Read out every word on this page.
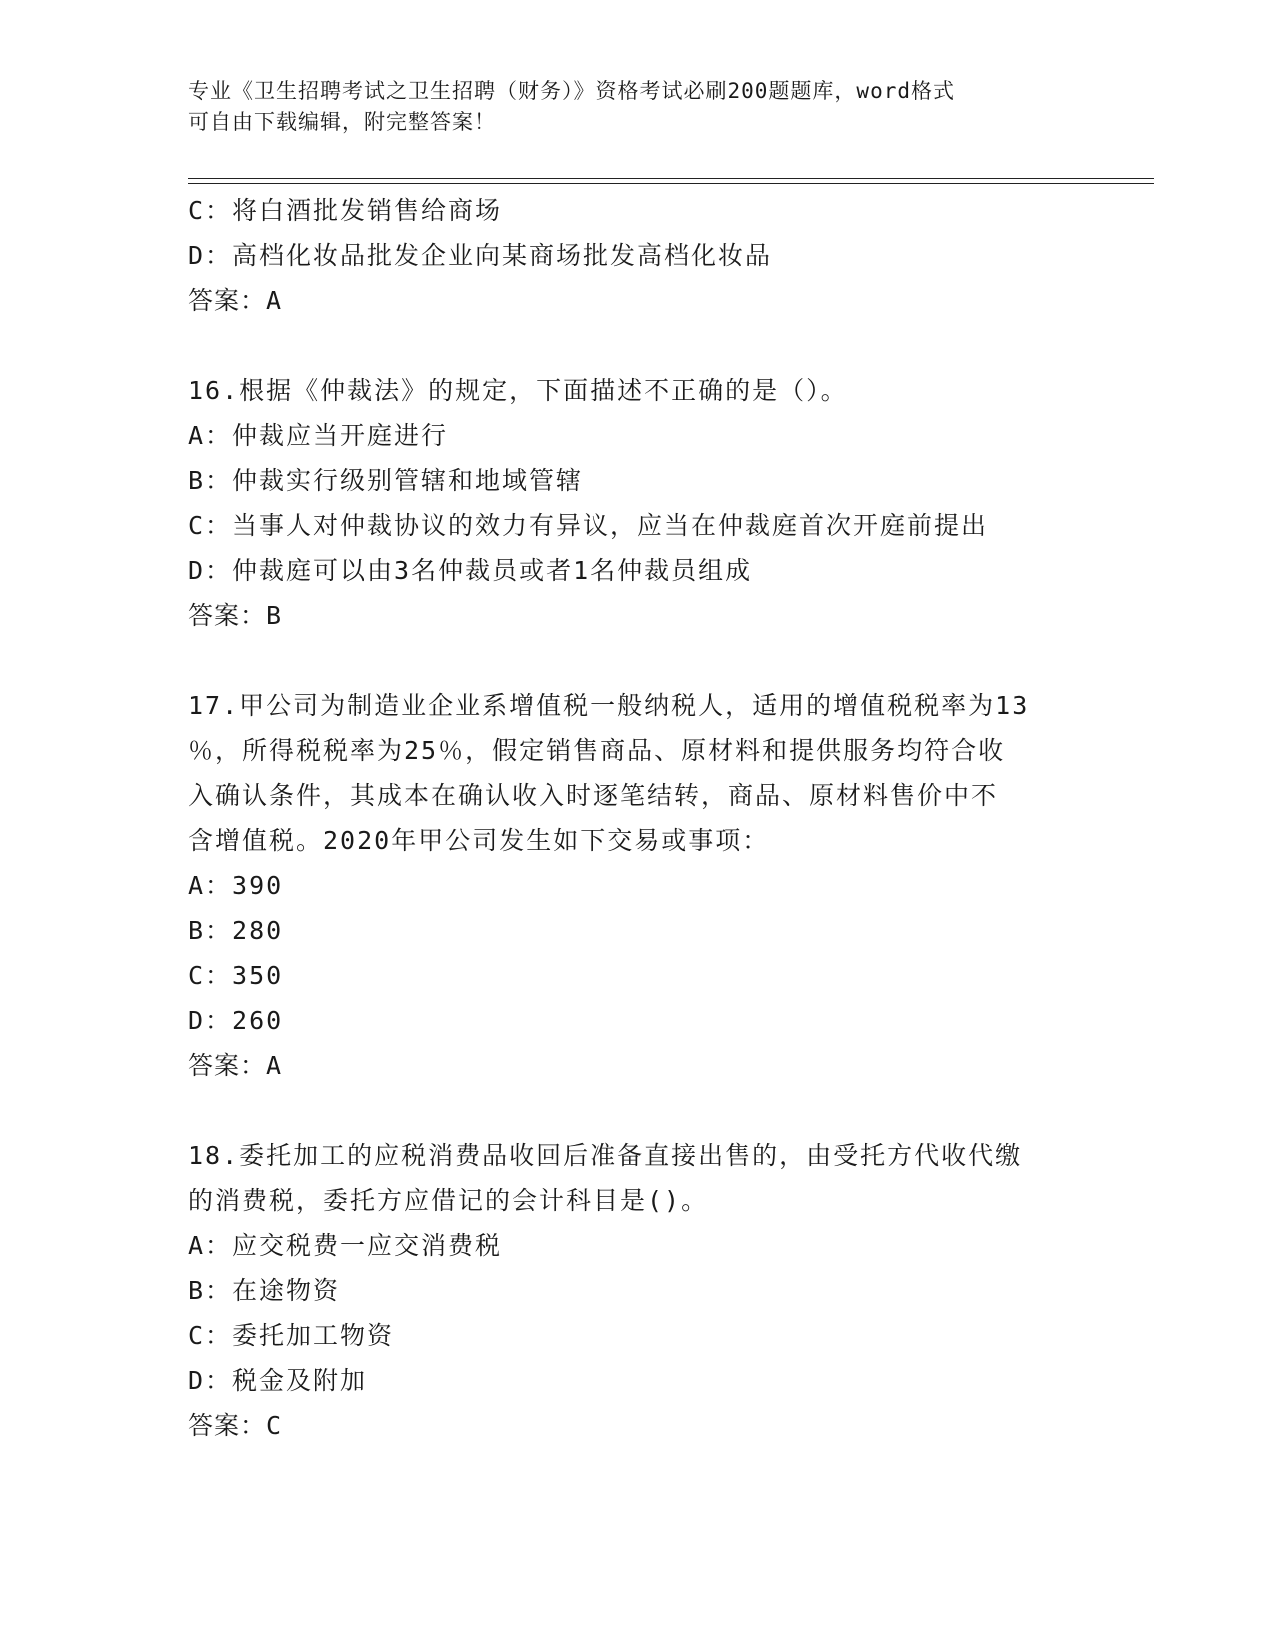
专业《卫生招聘考试之卫生招聘（财务）》资格考试必刷200题题库，word格式
可自由下载编辑，附完整答案！
C：将白酒批发销售给商场
D：高档化妆品批发企业向某商场批发高档化妆品
答案：A
16.根据《仲裁法》的规定，下面描述不正确的是（）。
A：仲裁应当开庭进行
B：仲裁实行级别管辖和地域管辖
C：当事人对仲裁协议的效力有异议，应当在仲裁庭首次开庭前提出
D：仲裁庭可以由3名仲裁员或者1名仲裁员组成
答案：B
17.甲公司为制造业企业系增值税一般纳税人，适用的增值税税率为13
％，所得税税率为25％，假定销售商品、原材料和提供服务均符合收
入确认条件，其成本在确认收入时逐笔结转，商品、原材料售价中不
含增值税。2020年甲公司发生如下交易或事项：
A：390
B：280
C：350
D：260
答案：A
18.委托加工的应税消费品收回后准备直接出售的，由受托方代收代缴
的消费税，委托方应借记的会计科目是()。
A：应交税费一应交消费税
B：在途物资
C：委托加工物资
D：税金及附加
答案：C
